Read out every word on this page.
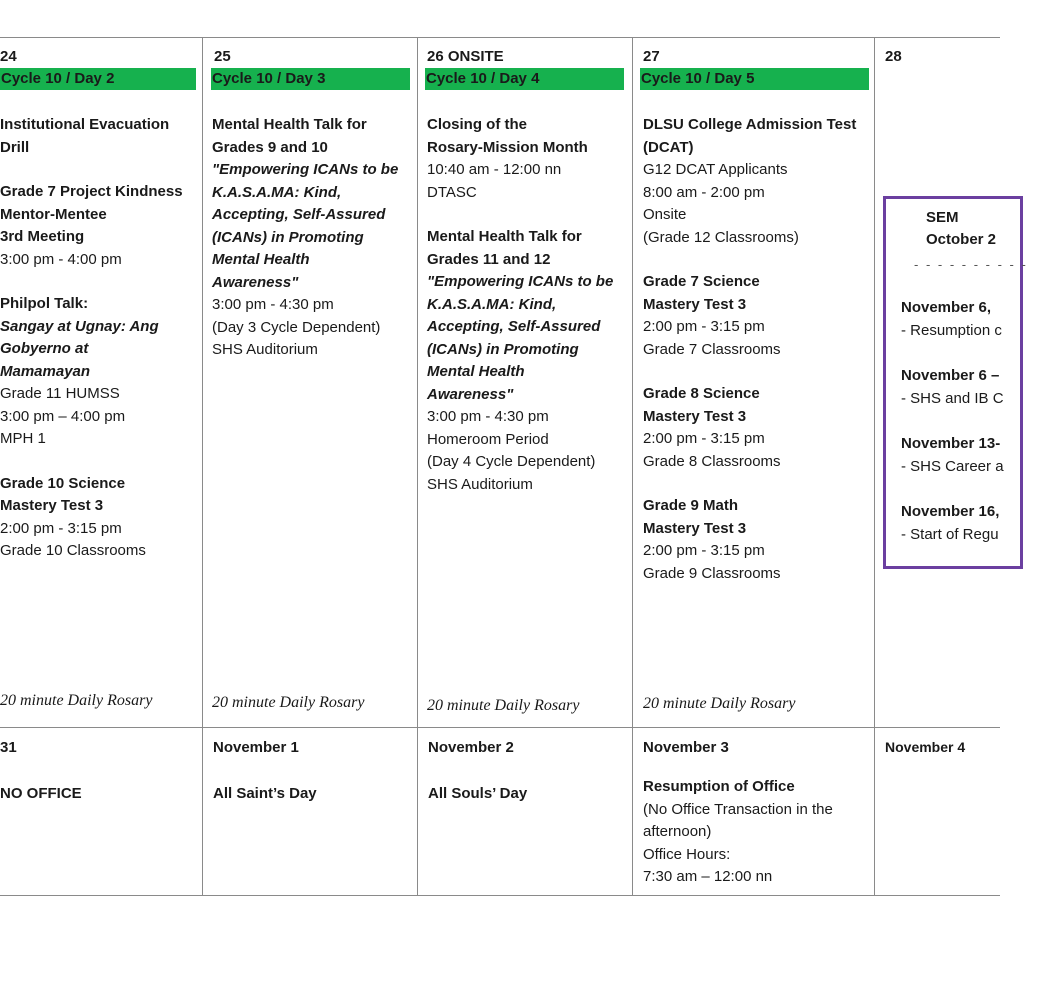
24
Cycle 10 / Day 2
Institutional Evacuation
Drill
Grade 7 Project Kindness
Mentor-Mentee
3rd Meeting
3:00 pm - 4:00 pm
Philpol Talk:
Sangay at Ugnay: Ang
Gobyerno at
Mamamayan
Grade 11 HUMSS
3:00 pm – 4:00 pm
MPH 1
Grade 10 Science
Mastery Test 3
2:00 pm - 3:15 pm
Grade 10 Classrooms
20 minute Daily Rosary
25
Cycle 10 / Day 3
Mental Health Talk for
Grades 9 and 10
"Empowering ICANs to be
K.A.S.A.MA: Kind,
Accepting, Self-Assured
(ICANs) in Promoting
Mental Health
Awareness"
3:00 pm - 4:30 pm
(Day 3 Cycle Dependent)
SHS Auditorium
20 minute Daily Rosary
26 ONSITE
Cycle 10 / Day 4
Closing of the
Rosary-Mission Month
10:40 am - 12:00 nn
DTASC
Mental Health Talk for
Grades 11 and 12
"Empowering ICANs to be
K.A.S.A.MA: Kind,
Accepting, Self-Assured
(ICANs) in Promoting
Mental Health
Awareness"
3:00 pm - 4:30 pm
Homeroom Period
(Day 4 Cycle Dependent)
SHS Auditorium
20 minute Daily Rosary
27
Cycle 10 / Day 5
DLSU College Admission Test
(DCAT)
G12 DCAT Applicants
8:00 am - 2:00 pm
Onsite
(Grade 12 Classrooms)
Grade 7 Science
Mastery Test 3
2:00 pm - 3:15 pm
Grade 7 Classrooms
Grade 8 Science
Mastery Test 3
2:00 pm - 3:15 pm
Grade 8 Classrooms
Grade 9 Math
Mastery Test 3
2:00 pm - 3:15 pm
Grade 9 Classrooms
20 minute Daily Rosary
28
SEM
October 2
- - - - - - - - - -
November 6,
- Resumption c
November 6 –
- SHS and IB C
November 13-
- SHS Career a
November 16,
- Start of Regu
31
NO OFFICE
November 1
All Saint’s Day
November 2
All Souls’ Day
November 3
Resumption of Office
(No Office Transaction in the
afternoon)
Office Hours:
7:30 am – 12:00 nn
November 4
